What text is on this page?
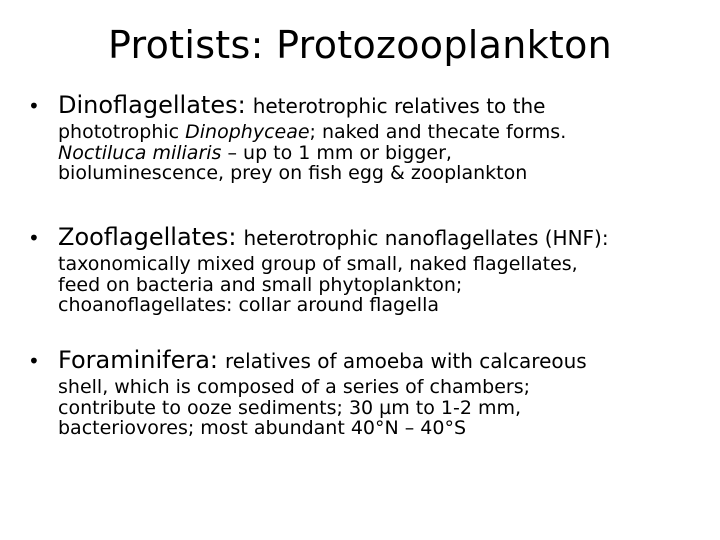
Protists: Protozooplankton
• Dinoflagellates: heterotrophic relatives to the
phototrophic Dinophyceae; naked and thecate forms.
Noctiluca miliaris – up to 1 mm or bigger,
bioluminescence, prey on fish egg & zooplankton
• Zooflagellates: heterotrophic nanoflagellates (HNF):
taxonomically mixed group of small, naked flagellates,
feed on bacteria and small phytoplankton;
choanoflagellates: collar around flagella
• Foraminifera: relatives of amoeba with calcareous
shell, which is composed of a series of chambers;
contribute to ooze sediments; 30 µm to 1-2 mm,
bacteriovores; most abundant 40°N – 40°S
